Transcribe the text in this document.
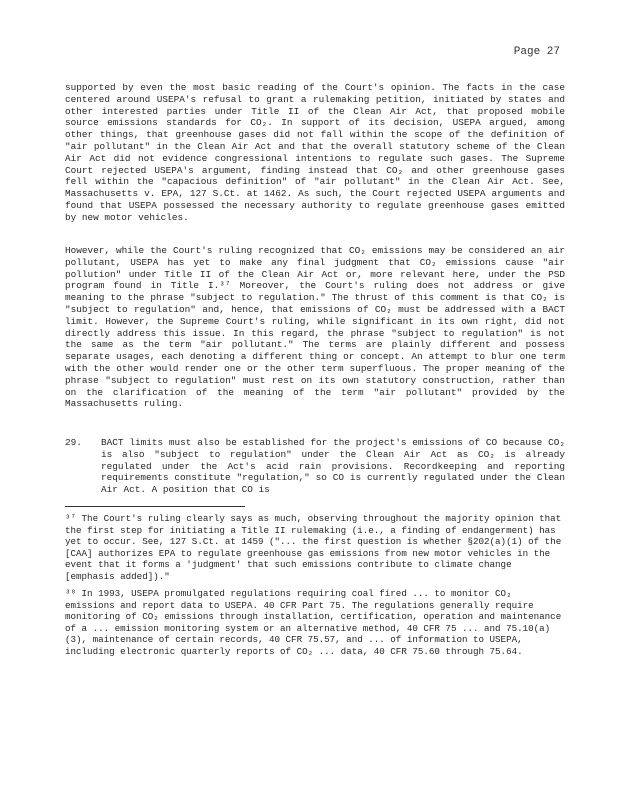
Page 27
supported by even the most basic reading of the Court's opinion. The facts in the case centered around USEPA's refusal to grant a rulemaking petition, initiated by states and other interested parties under Title II of the Clean Air Act, that proposed mobile source emissions standards for CO₂. In support of its decision, USEPA argued, among other things, that greenhouse gases did not fall within the scope of the definition of "air pollutant" in the Clean Air Act and that the overall statutory scheme of the Clean Air Act did not evidence congressional intentions to regulate such gases. The Supreme Court rejected USEPA's argument, finding instead that CO₂ and other greenhouse gases fell within the "capacious definition" of "air pollutant" in the Clean Air Act. See, Massachusetts v. EPA, 127 S.Ct. at 1462. As such, the Court rejected USEPA arguments and found that USEPA possessed the necessary authority to regulate greenhouse gases emitted by new motor vehicles.
However, while the Court's ruling recognized that CO₂ emissions may be considered an air pollutant, USEPA has yet to make any final judgment that CO₂ emissions cause "air pollution" under Title II of the Clean Air Act or, more relevant here, under the PSD program found in Title I.³⁷ Moreover, the Court's ruling does not address or give meaning to the phrase "subject to regulation." The thrust of this comment is that CO₂ is "subject to regulation" and, hence, that emissions of CO₂ must be addressed with a BACT limit. However, the Supreme Court's ruling, while significant in its own right, did not directly address this issue. In this regard, the phrase "subject to regulation" is not the same as the term "air pollutant." The terms are plainly different and possess separate usages, each denoting a different thing or concept. An attempt to blur one term with the other would render one or the other term superfluous. The proper meaning of the phrase "subject to regulation" must rest on its own statutory construction, rather than on the clarification of the meaning of the term "air pollutant" provided by the Massachusetts ruling.
29.	BACT limits must also be established for the project's emissions of CO because CO₂ is also "subject to regulation" under the Clean Air Act as CO₂ is already regulated under the Act's acid rain provisions. Recordkeeping and reporting requirements constitute "regulation," so CO is currently regulated under the Clean Air Act. A position that CO is
³⁷ The Court's ruling clearly says as much, observing throughout the majority opinion that the first step for initiating a Title II rulemaking (i.e., a finding of endangerment) has yet to occur. See, 127 S.Ct. at 1459 ("... the first question is whether §202(a)(1) of the [CAA] authorizes EPA to regulate greenhouse gas emissions from new motor vehicles in the event that it forms a 'judgment' that such emissions contribute to climate change [emphasis added])."
³⁸ In 1993, USEPA promulgated regulations requiring coal fired ... to monitor CO₂ emissions and report data to USEPA. 40 CFR Part 75. The regulations generally require monitoring of CO₂ emissions through installation, certification, operation and maintenance of a ... emission monitoring system or an alternative method, 40 CFR 75 ... and 75.10(a)(3), maintenance of certain records, 40 CFR 75.57, and ... of information to USEPA, including electronic quarterly reports of CO₂ ... data, 40 CFR 75.60 through 75.64.
